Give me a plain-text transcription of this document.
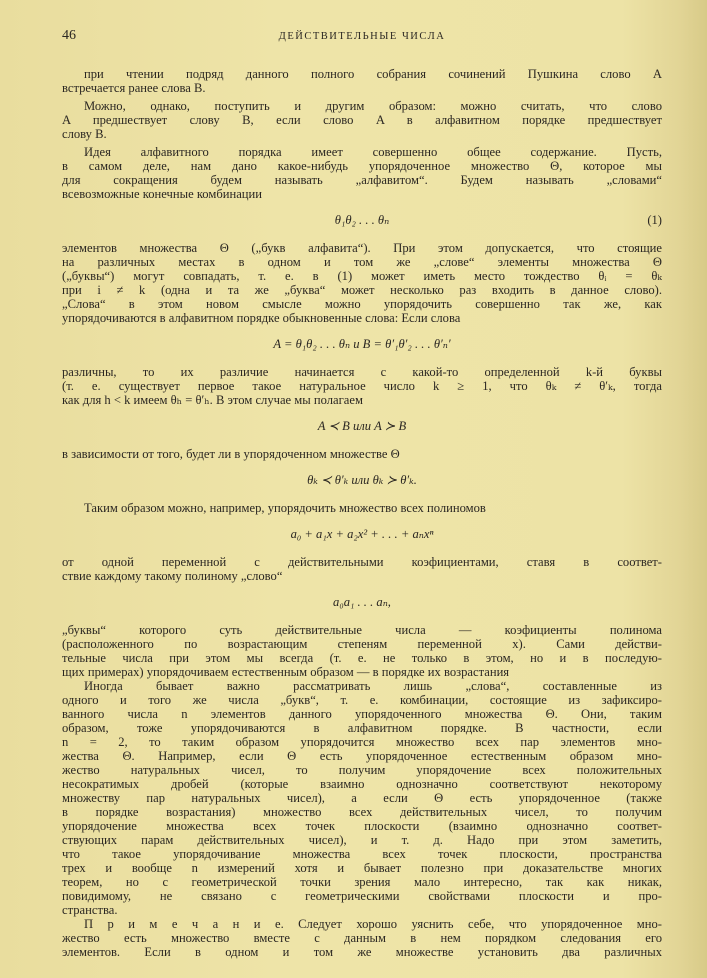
46	ДЕЙСТВИТЕЛЬНЫЕ ЧИСЛА
при чтении подряд данного полного собрания сочинений Пушкина слово A
встречается ранее слова B.
Можно, однако, поступить и другим образом: можно считать, что слово
A предшествует слову B, если слово A в алфавитном порядке предшествует
слову B.
Идея алфавитного порядка имеет совершенно общее содержание. Пусть,
в самом деле, нам дано какое-нибудь упорядоченное множество Θ, которое мы
для сокращения будем называть „алфавитом“. Будем называть „словами“
всевозможные конечные комбинации
θ₁θ₂ . . . θₙ	(1)
элементов множества Θ („букв алфавита“). При этом допускается, что стоящие
на различных местах в одном и том же „слове“ элементы множества Θ
(„буквы“) могут совпадать, т. е. в (1) может иметь место тождество θᵢ = θₖ
при i ≠ k (одна и та же „буква“ может несколько раз входить в данное слово).
„Слова“ в этом новом смысле можно упорядочить совершенно так же, как
упорядочиваются в алфавитном порядке обыкновенные слова: Если слова
A = θ₁θ₂ . . . θₙ и B = θ′₁θ′₂ . . . θ′ₙ′
различны, то их различие начинается с какой-то определенной k-й буквы
(т. е. существует первое такое натуральное число k ≥ 1, что θₖ ≠ θ′ₖ, тогда
как для h < k имеем θₕ = θ′ₕ. В этом случае мы полагаем
A ≺ B или A ≻ B
в зависимости от того, будет ли в упорядоченном множестве Θ
θₖ ≺ θ′ₖ или θₖ ≻ θ′ₖ.
Таким образом можно, например, упорядочить множество всех полиномов
a₀ + a₁x + a₂x² + . . . + aₙxⁿ
от одной переменной с действительными коэфициентами, ставя в соответ-
ствие каждому такому полиному „слово“
a₀a₁ . . . aₙ,
„буквы“ которого суть действительные числа — коэфициенты полинома
(расположенного по возрастающим степеням переменной x). Сами действи-
тельные числа при этом мы всегда (т. е. не только в этом, но и в последую-
щих примерах) упорядочиваем естественным образом — в порядке их возрастания
Иногда бывает важно рассматривать лишь „слова“, составленные из
одного и того же числа „букв“, т. е. комбинации, состоящие из зафиксиро-
ванного числа n элементов данного упорядоченного множества Θ. Они, таким
образом, тоже упорядочиваются в алфавитном порядке. В частности, если
n = 2, то таким образом упорядочится множество всех пар элементов мно-
жества Θ. Например, если Θ есть упорядоченное естественным образом мно-
жество натуральных чисел, то получим упорядочение всех положительных
несократимых дробей (которые взаимно однозначно соответствуют некоторому
множеству пар натуральных чисел), а если Θ есть упорядоченное (также
в порядке возрастания) множество всех действительных чисел, то получим
упорядочение множества всех точек плоскости (взаимно однозначно соответ-
ствующих парам действительных чисел), и т. д. Надо при этом заметить,
что такое упорядочивание множества всех точек плоскости, пространства
трех и вообще n измерений хотя и бывает полезно при доказательстве многих
теорем, но с геометрической точки зрения мало интересно, так как никак,
повидимому, не связано с геометрическими свойствами плоскости и про-
странства.
П р и м е ч а н и е. Следует хорошо уяснить себе, что упорядоченное мно-
жество есть множество вместе с данным в нем порядком следования его
элементов. Если в одном и том же множестве установить два различных
